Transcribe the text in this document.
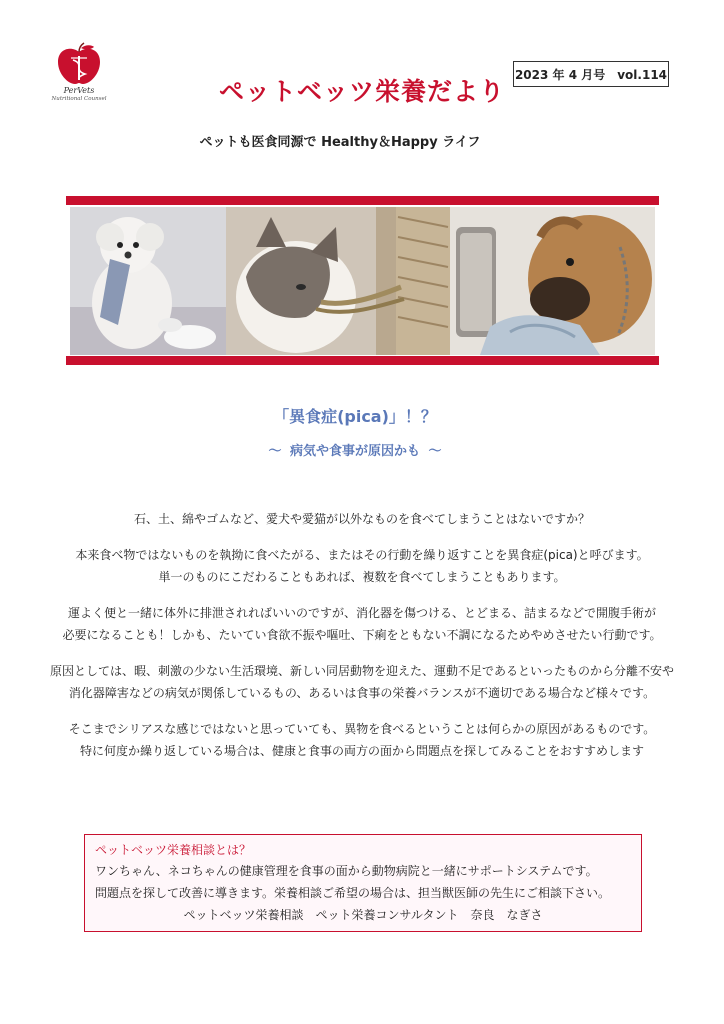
PerVets
Nutritional Counsel
2023 年 4 月号　vol.114
ペットベッツ栄養だより
ペットも医食同源で Healthy＆Happy ライフ
「異食症(pica)」！？
～ 病気や食事が原因かも ～

石、土、綿やゴムなど、愛犬や愛猫が以外なものを食べてしまうことはないですか？

本来食べ物ではないものを執拗に食べたがる、またはその行動を繰り返すことを異食症(pica)と呼びます。
単一のものにこだわることもあれば、複数を食べてしまうこともあります。

運よく便と一緒に体外に排泄されればいいのですが、消化器を傷つける、とどまる、詰まるなどで開腹手術が
必要になることも！しかも、たいてい食欲不振や嘔吐、下痢をともない不調になるためやめさせたい行動です。

原因としては、暇、刺激の少ない生活環境、新しい同居動物を迎えた、運動不足であるといったものから分離不安や
消化器障害などの病気が関係しているもの、あるいは食事の栄養バランスが不適切である場合など様々です。

そこまでシリアスな感じではないと思っていても、異物を食べるということは何らかの原因があるものです。
特に何度か繰り返している場合は、健康と食事の両方の面から問題点を探してみることをおすすめします

ペットベッツ栄養相談とは？
ワンちゃん、ネコちゃんの健康管理を食事の面から動物病院と一緒にサポートシステムです。
問題点を探して改善に導きます。栄養相談ご希望の場合は、担当獣医師の先生にご相談下さい。
ペットベッツ栄養相談　ペット栄養コンサルタント　奈良　なぎさ
